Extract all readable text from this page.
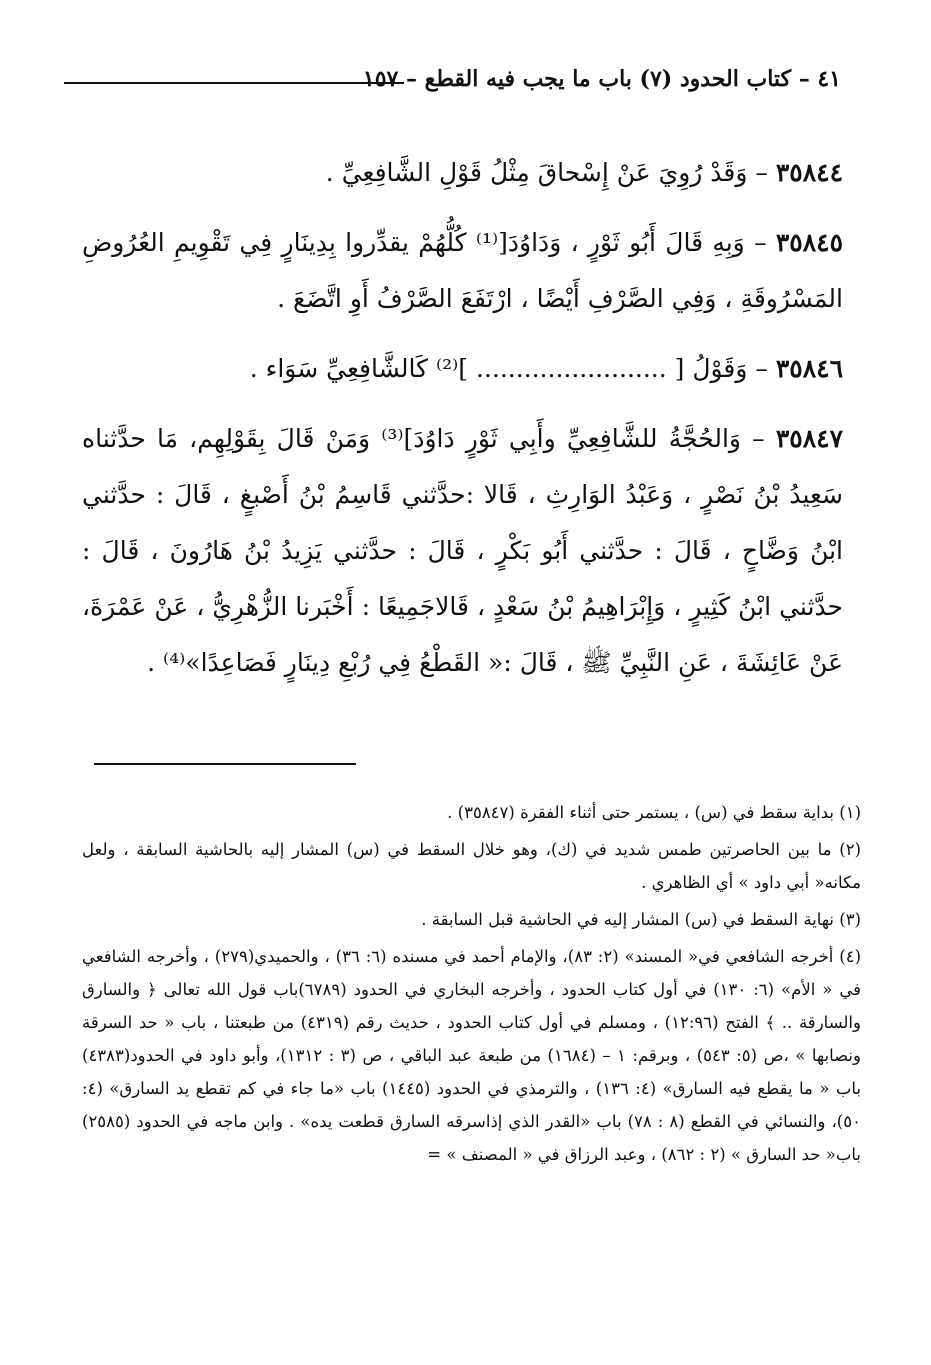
٤١ – كتاب الحدود (٧) باب ما يجب فيه القطع – ١٥٧

٣٥٨٤٤ – وَقَدْ رُوِيَ عَنْ إِسْحاقَ مِثْلُ قَوْلِ الشَّافِعِيِّ .

٣٥٨٤٥ – وَبِهِ قَالَ أَبُو ثَوْرٍ ، وَدَاوُدَ[⁽¹⁾ كُلُّهُمْ يقدِّروا بِدِينَارٍ فِي تَقْوِيمِ العُرُوضِ المَسْرُوقَةِ ، وَفِي الصَّرْفِ أَيْضًا ، ارْتَفَعَ الصَّرْفُ أَوِ اتَّضَعَ .

٣٥٨٤٦ – وَقَوْلُ [ ........................ ]⁽²⁾ كَالشَّافِعِيِّ سَوَاء .

٣٥٨٤٧ – وَالحُجَّةُ للشَّافِعِيِّ وأَبِي ثَوْرٍ دَاوُدَ]⁽³⁾ وَمَنْ قَالَ بِقَوْلِهِم، مَا حدَّثناه سَعِيدُ بْنُ نَصْرٍ ، وَعَبْدُ الوَارِثِ ، قَالا :حدَّثني قَاسِمُ بْنُ أَصْبغٍ ، قَالَ : حدَّثني ابْنُ وَضَّاحٍ ، قَالَ : حدَّثني أَبُو بَكْرٍ ، قَالَ : حدَّثني يَزِيدُ بْنُ هَارُونَ ، قَالَ : حدَّثني ابْنُ كَثِيرٍ ، وَإِبْرَاهِيمُ بْنُ سَعْدٍ ، قَالاجَمِيعًا : أَخْبَرنا الزُّهْرِيُّ ، عَنْ عَمْرَةَ، عَنْ عَائِشَةَ ، عَنِ النَّبِيِّ ﷺ ، قَالَ :« القَطْعُ فِي رُبْعِ دِينَارٍ فَصَاعِدًا»⁽⁴⁾ .

(١) بداية سقط في (س) ، يستمر حتى أثناء الفقرة (٣٥٨٤٧) .

(٢) ما بين الحاصرتين طمس شديد في (ك)، وهو خلال السقط في (س) المشار إليه بالحاشية السابقة ، ولعل مكانه« أبي داود » أي الظاهري .

(٣) نهاية السقط في (س) المشار إليه في الحاشية قبل السابقة .

(٤) أخرجه الشافعي في« المسند» (٢: ٨٣)، والإمام أحمد في مسنده (٦: ٣٦) ، والحميدي(٢٧٩) ، وأخرجه الشافعي في « الأم» (٦: ١٣٠) في أول كتاب الحدود ، وأخرجه البخاري في الحدود (٦٧٨٩)باب قول الله تعالى ﴿ والسارق والسارقة .. ﴾ الفتح (١٢:٩٦) ، ومسلم في أول كتاب الحدود ، حديث رقم (٤٣١٩) من طبعتنا ، باب « حد السرقة ونصابها » ،ص (٥: ٥٤٣) ، وبرقم: ١ – (١٦٨٤) من طبعة عبد الباقي ، ص (٣ : ١٣١٢)، وأبو داود في الحدود(٤٣٨٣) باب « ما يقطع فيه السارق» (٤: ١٣٦) ، والترمذي في الحدود (١٤٤٥) باب «ما جاء في كم تقطع يد السارق» (٤: ٥٠)، والنسائي في القطع (٨ : ٧٨) باب «القدر الذي إذاسرقه السارق قطعت يده» . وابن ماجه في الحدود (٢٥٨٥) باب« حد السارق » (٢ : ٨٦٢) ، وعبد الرزاق في « المصنف » =
